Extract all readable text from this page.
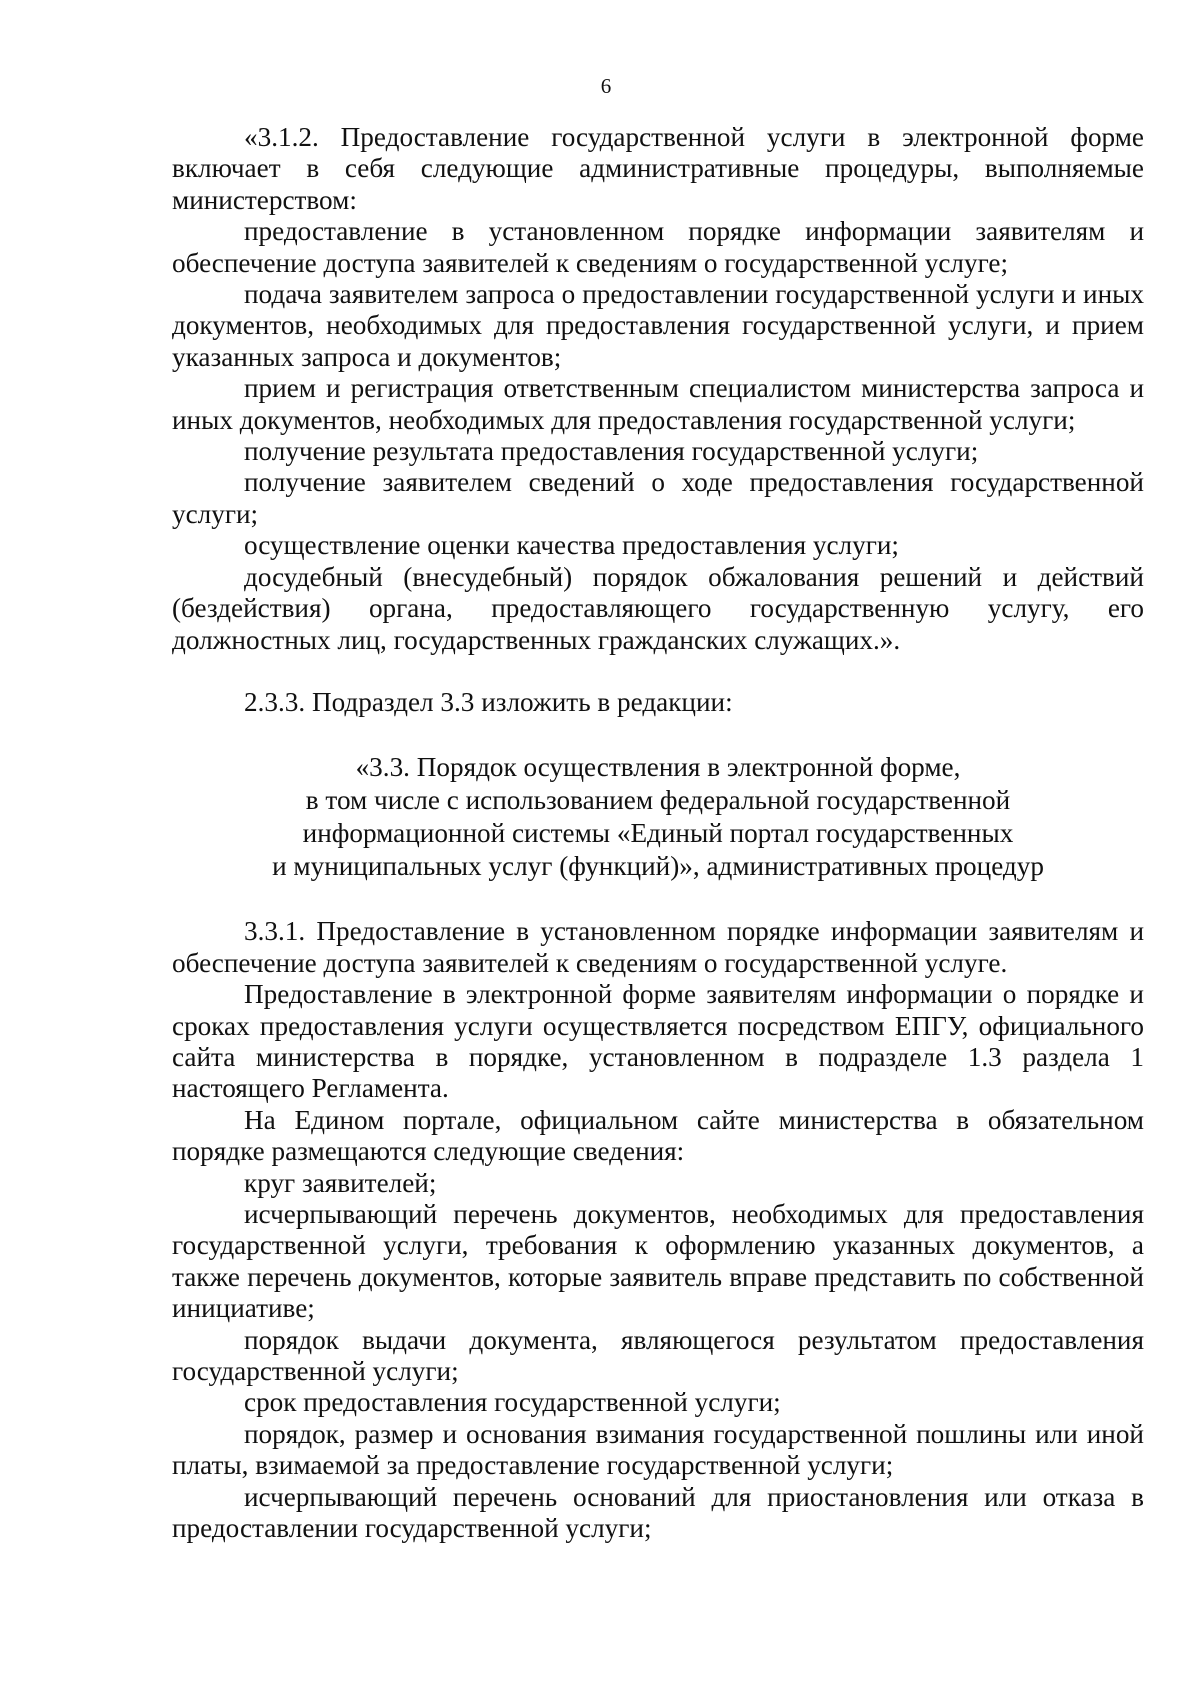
6

«3.1.2. Предоставление государственной услуги в электронной форме включает в себя следующие административные процедуры, выполняемые министерством:

предоставление в установленном порядке информации заявителям и обеспечение доступа заявителей к сведениям о государственной услуге;

подача заявителем запроса о предоставлении государственной услуги и иных документов, необходимых для предоставления государственной услуги, и прием указанных запроса и документов;

прием и регистрация ответственным специалистом министерства запроса и иных документов, необходимых для предоставления государственной услуги;

получение результата предоставления государственной услуги;

получение заявителем сведений о ходе предоставления государственной услуги;

осуществление оценки качества предоставления услуги;

досудебный (внесудебный) порядок обжалования решений и действий (бездействия) органа, предоставляющего государственную услугу, его должностных лиц, государственных гражданских служащих.».

2.3.3. Подраздел 3.3 изложить в редакции:

«3.3. Порядок осуществления в электронной форме,
в том числе с использованием федеральной государственной
информационной системы «Единый портал государственных
и муниципальных услуг (функций)», административных процедур

3.3.1. Предоставление в установленном порядке информации заявителям и обеспечение доступа заявителей к сведениям о государственной услуге.

Предоставление в электронной форме заявителям информации о порядке и сроках предоставления услуги осуществляется посредством ЕПГУ, официального сайта министерства в порядке, установленном в подразделе 1.3 раздела 1 настоящего Регламента.

На Едином портале, официальном сайте министерства в обязательном порядке размещаются следующие сведения:

круг заявителей;

исчерпывающий перечень документов, необходимых для предоставления государственной услуги, требования к оформлению указанных документов, а также перечень документов, которые заявитель вправе представить по собственной инициативе;

порядок выдачи документа, являющегося результатом предоставления государственной услуги;

срок предоставления государственной услуги;

порядок, размер и основания взимания государственной пошлины или иной платы, взимаемой за предоставление государственной услуги;

исчерпывающий перечень оснований для приостановления или отказа в предоставлении государственной услуги;
